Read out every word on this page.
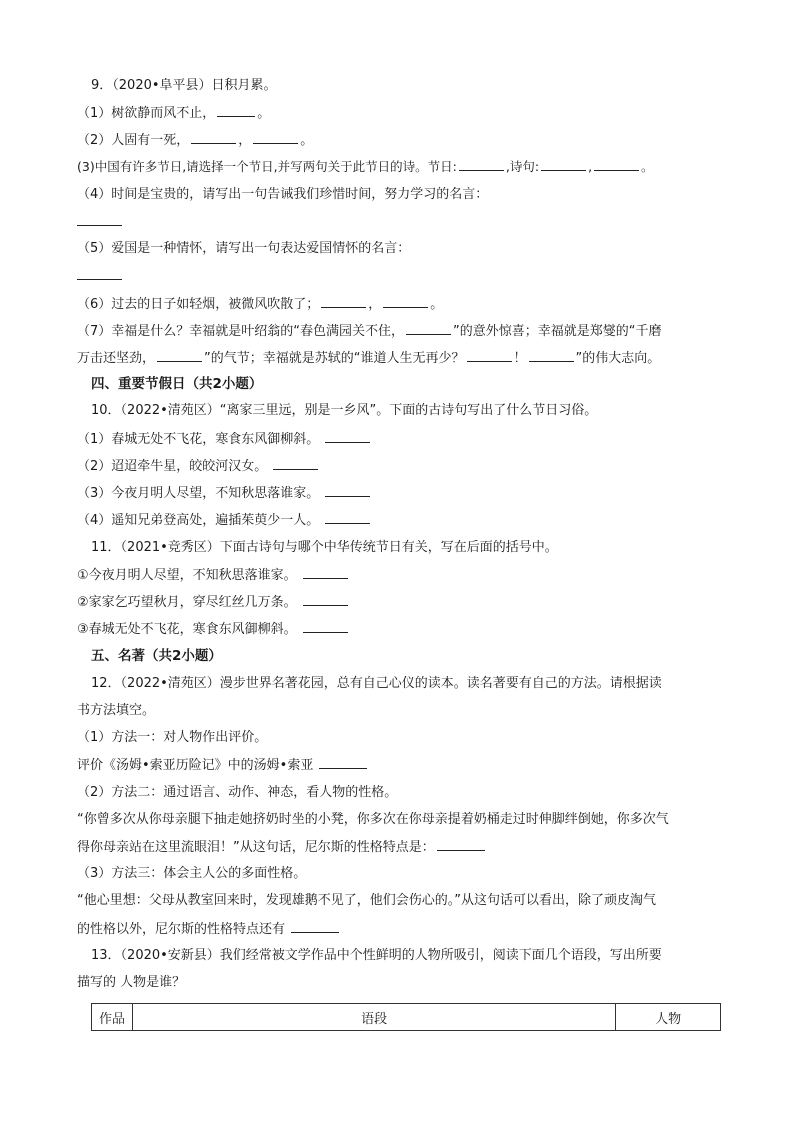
9．（2020•阜平县）日积月累。
（1）树欲静而风不止，	。
（2）人固有一死，	，	。
(3)中国有许多节日,请选择一个节日,并写两句关于此节日的诗。节日:	,诗句:	,	。
（4）时间是宝贵的，请写出一句告诫我们珍惜时间，努力学习的名言：
（5）爱国是一种情怀，请写出一句表达爱国情怀的名言：
（6）过去的日子如轻烟，被微风吹散了；	，	。
（7）幸福是什么？幸福就是叶绍翁的“春色满园关不住，	”的意外惊喜；幸福就是郑燮的“千磨
万击还坚劲，	”的气节；幸福就是苏轼的“谁道人生无再少？	！	”的伟大志向。
四、重要节假日（共2小题）
10．（2022•清苑区）“离家三里远，别是一乡风”。下面的古诗句写出了什么节日习俗。
（1）春城无处不飞花，寒食东风御柳斜。
（2）迢迢牵牛星，皎皎河汉女。
（3）今夜月明人尽望，不知秋思落谁家。
（4）遥知兄弟登高处，遍插茱萸少一人。
11．（2021•竞秀区）下面古诗句与哪个中华传统节日有关，写在后面的括号中。
①今夜月明人尽望，不知秋思落谁家。
②家家乞巧望秋月，穿尽红丝几万条。
③春城无处不飞花，寒食东风御柳斜。
五、名著（共2小题）
12．（2022•清苑区）漫步世界名著花园，总有自己心仪的读本。读名著要有自己的方法。请根据读
书方法填空。
（1）方法一：对人物作出评价。
评价《汤姆•索亚历险记》中的汤姆•索亚
（2）方法二：通过语言、动作、神态，看人物的性格。
“你曾多次从你母亲腿下抽走她挤奶时坐的小凳，你多次在你母亲提着奶桶走过时伸脚绊倒她，你多次气
得你母亲站在这里流眼泪！”从这句话，尼尔斯的性格特点是：
（3）方法三：体会主人公的多面性格。
“他心里想：父母从教室回来时，发现雄鹅不见了，他们会伤心的。”从这句话可以看出，除了顽皮淘气
的性格以外，尼尔斯的性格特点还有
13．（2020•安新县）我们经常被文学作品中个性鲜明的人物所吸引，阅读下面几个语段，写出所要
描写的 人物是谁？
作品	语段	人物
